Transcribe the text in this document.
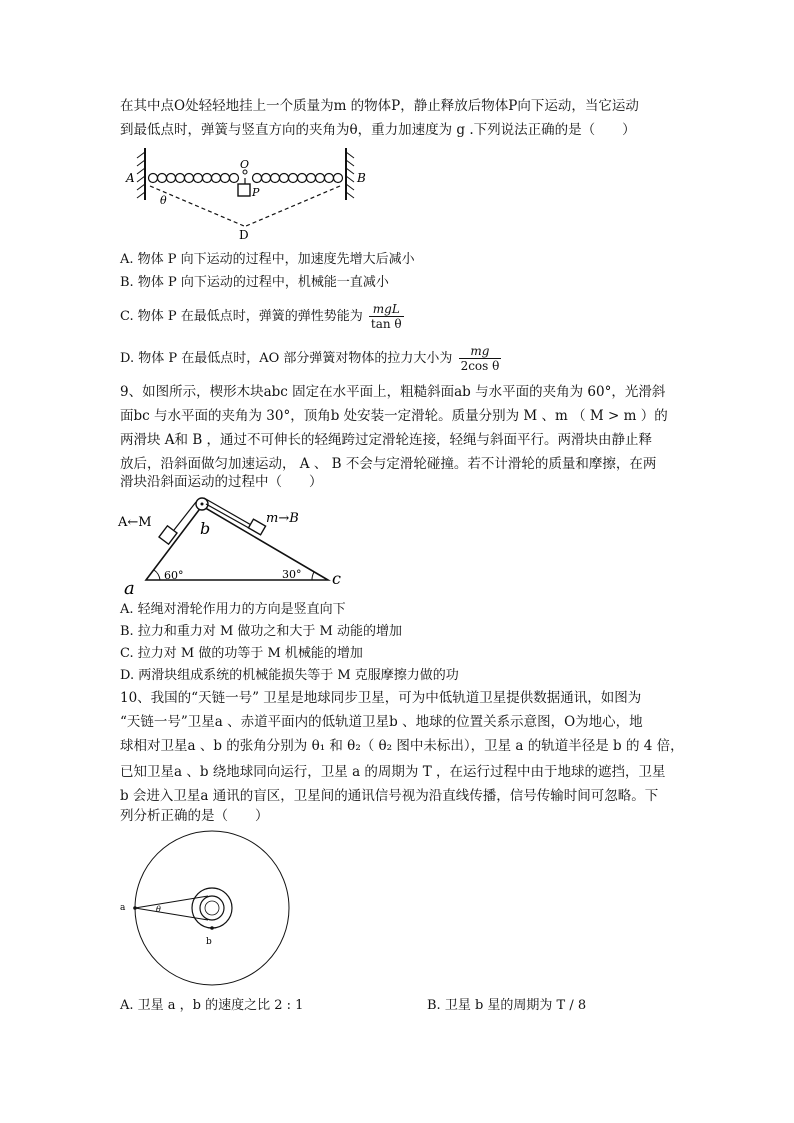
在其中点O处轻轻地挂上一个质量为m 的物体P，静止释放后物体P向下运动，当它运动
到最低点时，弹簧与竖直方向的夹角为θ，重力加速度为 g .下列说法正确的是（　　）
A	B
O
P
θ
D
A. 物体 P 向下运动的过程中，加速度先增大后减小
B. 物体 P 向下运动的过程中，机械能一直减小
C. 物体 P 在最低点时，弹簧的弹性势能为 $\frac{\text{mgL}}{\text{tan θ}}$
D. 物体 P 在最低点时，AO 部分弹簧对物体的拉力大小为 $\frac{mg}{\text{2cos θ}}$
9、如图所示，楔形木块abc 固定在水平面上，粗糙斜面ab 与水平面的夹角为 60°，光滑斜
面bc 与水平面的夹角为 30°，顶角b 处安装一定滑轮。质量分别为 M 、m （ M > m ）的
两滑块 A和 B ，通过不可伸长的轻绳跨过定滑轮连接，轻绳与斜面平行。两滑块由静止释
放后，沿斜面做匀加速运动， A 、 B 不会与定滑轮碰撞。若不计滑轮的质量和摩擦，在两
滑块沿斜面运动的过程中（　　）
A←M	m→B
b
a	c
60°	30°
A. 轻绳对滑轮作用力的方向是竖直向下
B. 拉力和重力对 M 做功之和大于 M 动能的增加
C. 拉力对 M 做的功等于 M 机械能的增加
D. 两滑块组成系统的机械能损失等于 M 克服摩擦力做的功
10、我国的“天链一号” 卫星是地球同步卫星，可为中低轨道卫星提供数据通讯，如图为
“天链一号”卫星a 、赤道平面内的低轨道卫星b 、地球的位置关系示意图，O为地心，地
球相对卫星a 、b 的张角分别为 θ₁ 和 θ₂（ θ₂ 图中未标出），卫星 a 的轨道半径是 b 的 4 倍，
已知卫星a 、b 绕地球同向运行，卫星 a 的周期为 T ，在运行过程中由于地球的遮挡，卫星
b 会进入卫星a 通讯的盲区，卫星间的通讯信号视为沿直线传播，信号传输时间可忽略。下
列分析正确的是（　　）
a	θ
b
A. 卫星 a ，b 的速度之比 2 : 1	B. 卫星 b 星的周期为 T / 8
